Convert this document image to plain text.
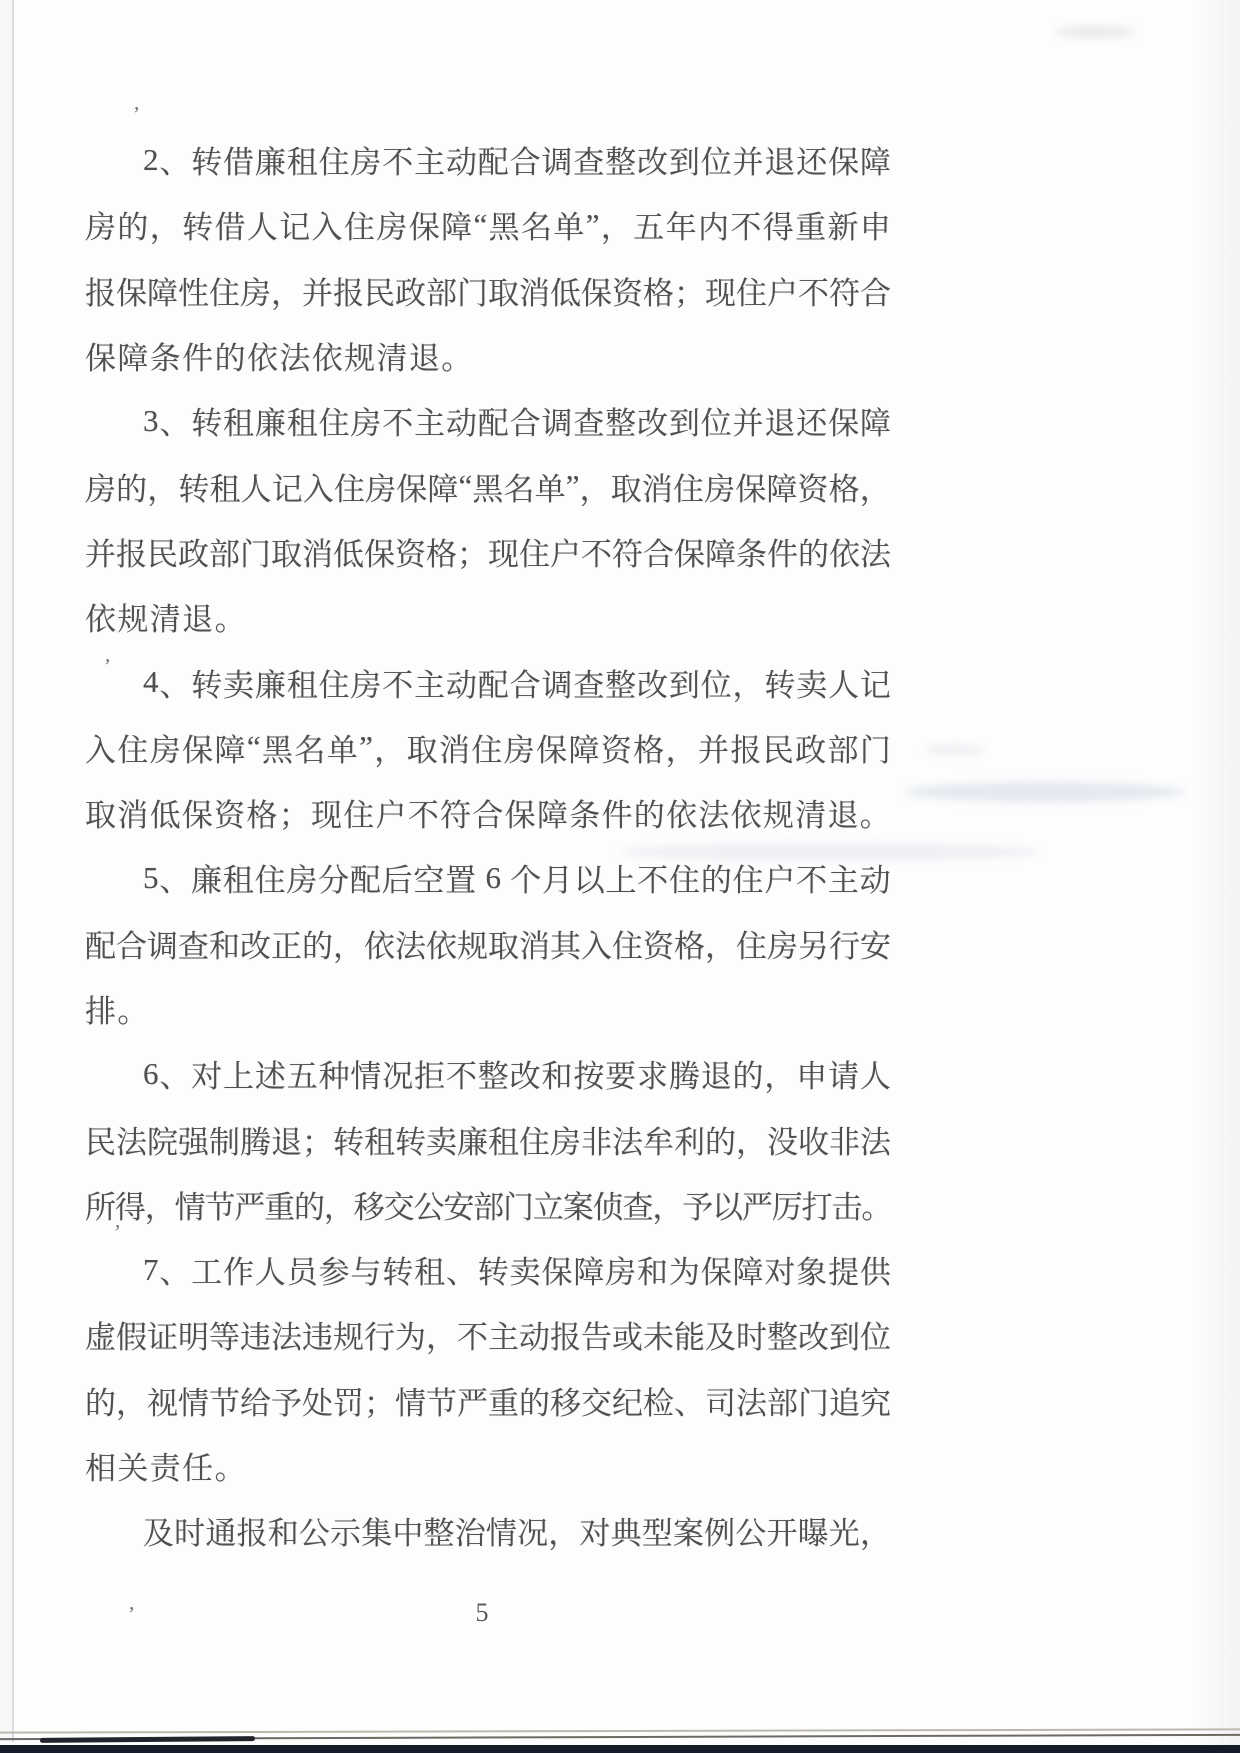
2 、 转 借 廉 租 住 房 不 主 动 配 合 调 查 整 改 到 位 并 退 还 保 障
房 的 ， 转 借 人 记 入 住 房 保 障 “ 黑 名 单 ” ， 五 年 内 不 得 重 新 申
报 保 障 性 住 房 ， 并 报 民 政 部 门 取 消 低 保 资 格 ； 现 住 户 不 符 合
保 障 条 件 的 依 法 依 规 清 退 。
3 、 转 租 廉 租 住 房 不 主 动 配 合 调 查 整 改 到 位 并 退 还 保 障
房 的 ， 转 租 人 记 入 住 房 保 障 “ 黑 名 单 ” ， 取 消 住 房 保 障 资 格 ，
并 报 民 政 部 门 取 消 低 保 资 格 ； 现 住 户 不 符 合 保 障 条 件 的 依 法
依 规 清 退 。
4 、 转 卖 廉 租 住 房 不 主 动 配 合 调 查 整 改 到 位 ， 转 卖 人 记
入 住 房 保 障 “ 黑 名 单 ” ， 取 消 住 房 保 障 资 格 ， 并 报 民 政 部 门
取 消 低 保 资 格 ； 现 住 户 不 符 合 保 障 条 件 的 依 法 依 规 清 退 。
5 、 廉 租 住 房 分 配 后 空 置
6
个 月 以 上 不 住 的 住 户 不 主 动
配 合 调 查 和 改 正 的 ， 依 法 依 规 取 消 其 入 住 资 格 ， 住 房 另 行 安
排 。
6 、 对 上 述 五 种 情 况 拒 不 整 改 和 按 要 求 腾 退 的 ， 申 请 人
民 法 院 强 制 腾 退 ； 转 租 转 卖 廉 租 住 房 非 法 牟 利 的 ， 没 收 非 法
所
得
，
情
节
严
重
的
，
移
交
公
安
部
门
立
案
侦
查
，
予
以
严
厉
打
击
。
7 、 工 作 人 员 参 与 转 租 、 转 卖 保 障 房 和 为 保 障 对 象 提 供
虚 假 证 明 等 违 法 违 规 行 为 ， 不 主 动 报 告 或 未 能 及 时 整 改 到 位
的 ， 视 情 节 给 予 处 罚 ； 情 节 严 重 的 移 交 纪 检 、 司 法 部 门 追 究
相 关 责 任 。
及 时 通 报 和 公 示 集 中 整 治 情 况 ， 对 典 型 案 例 公 开 曝 光 ，
5
’
’
’
’
